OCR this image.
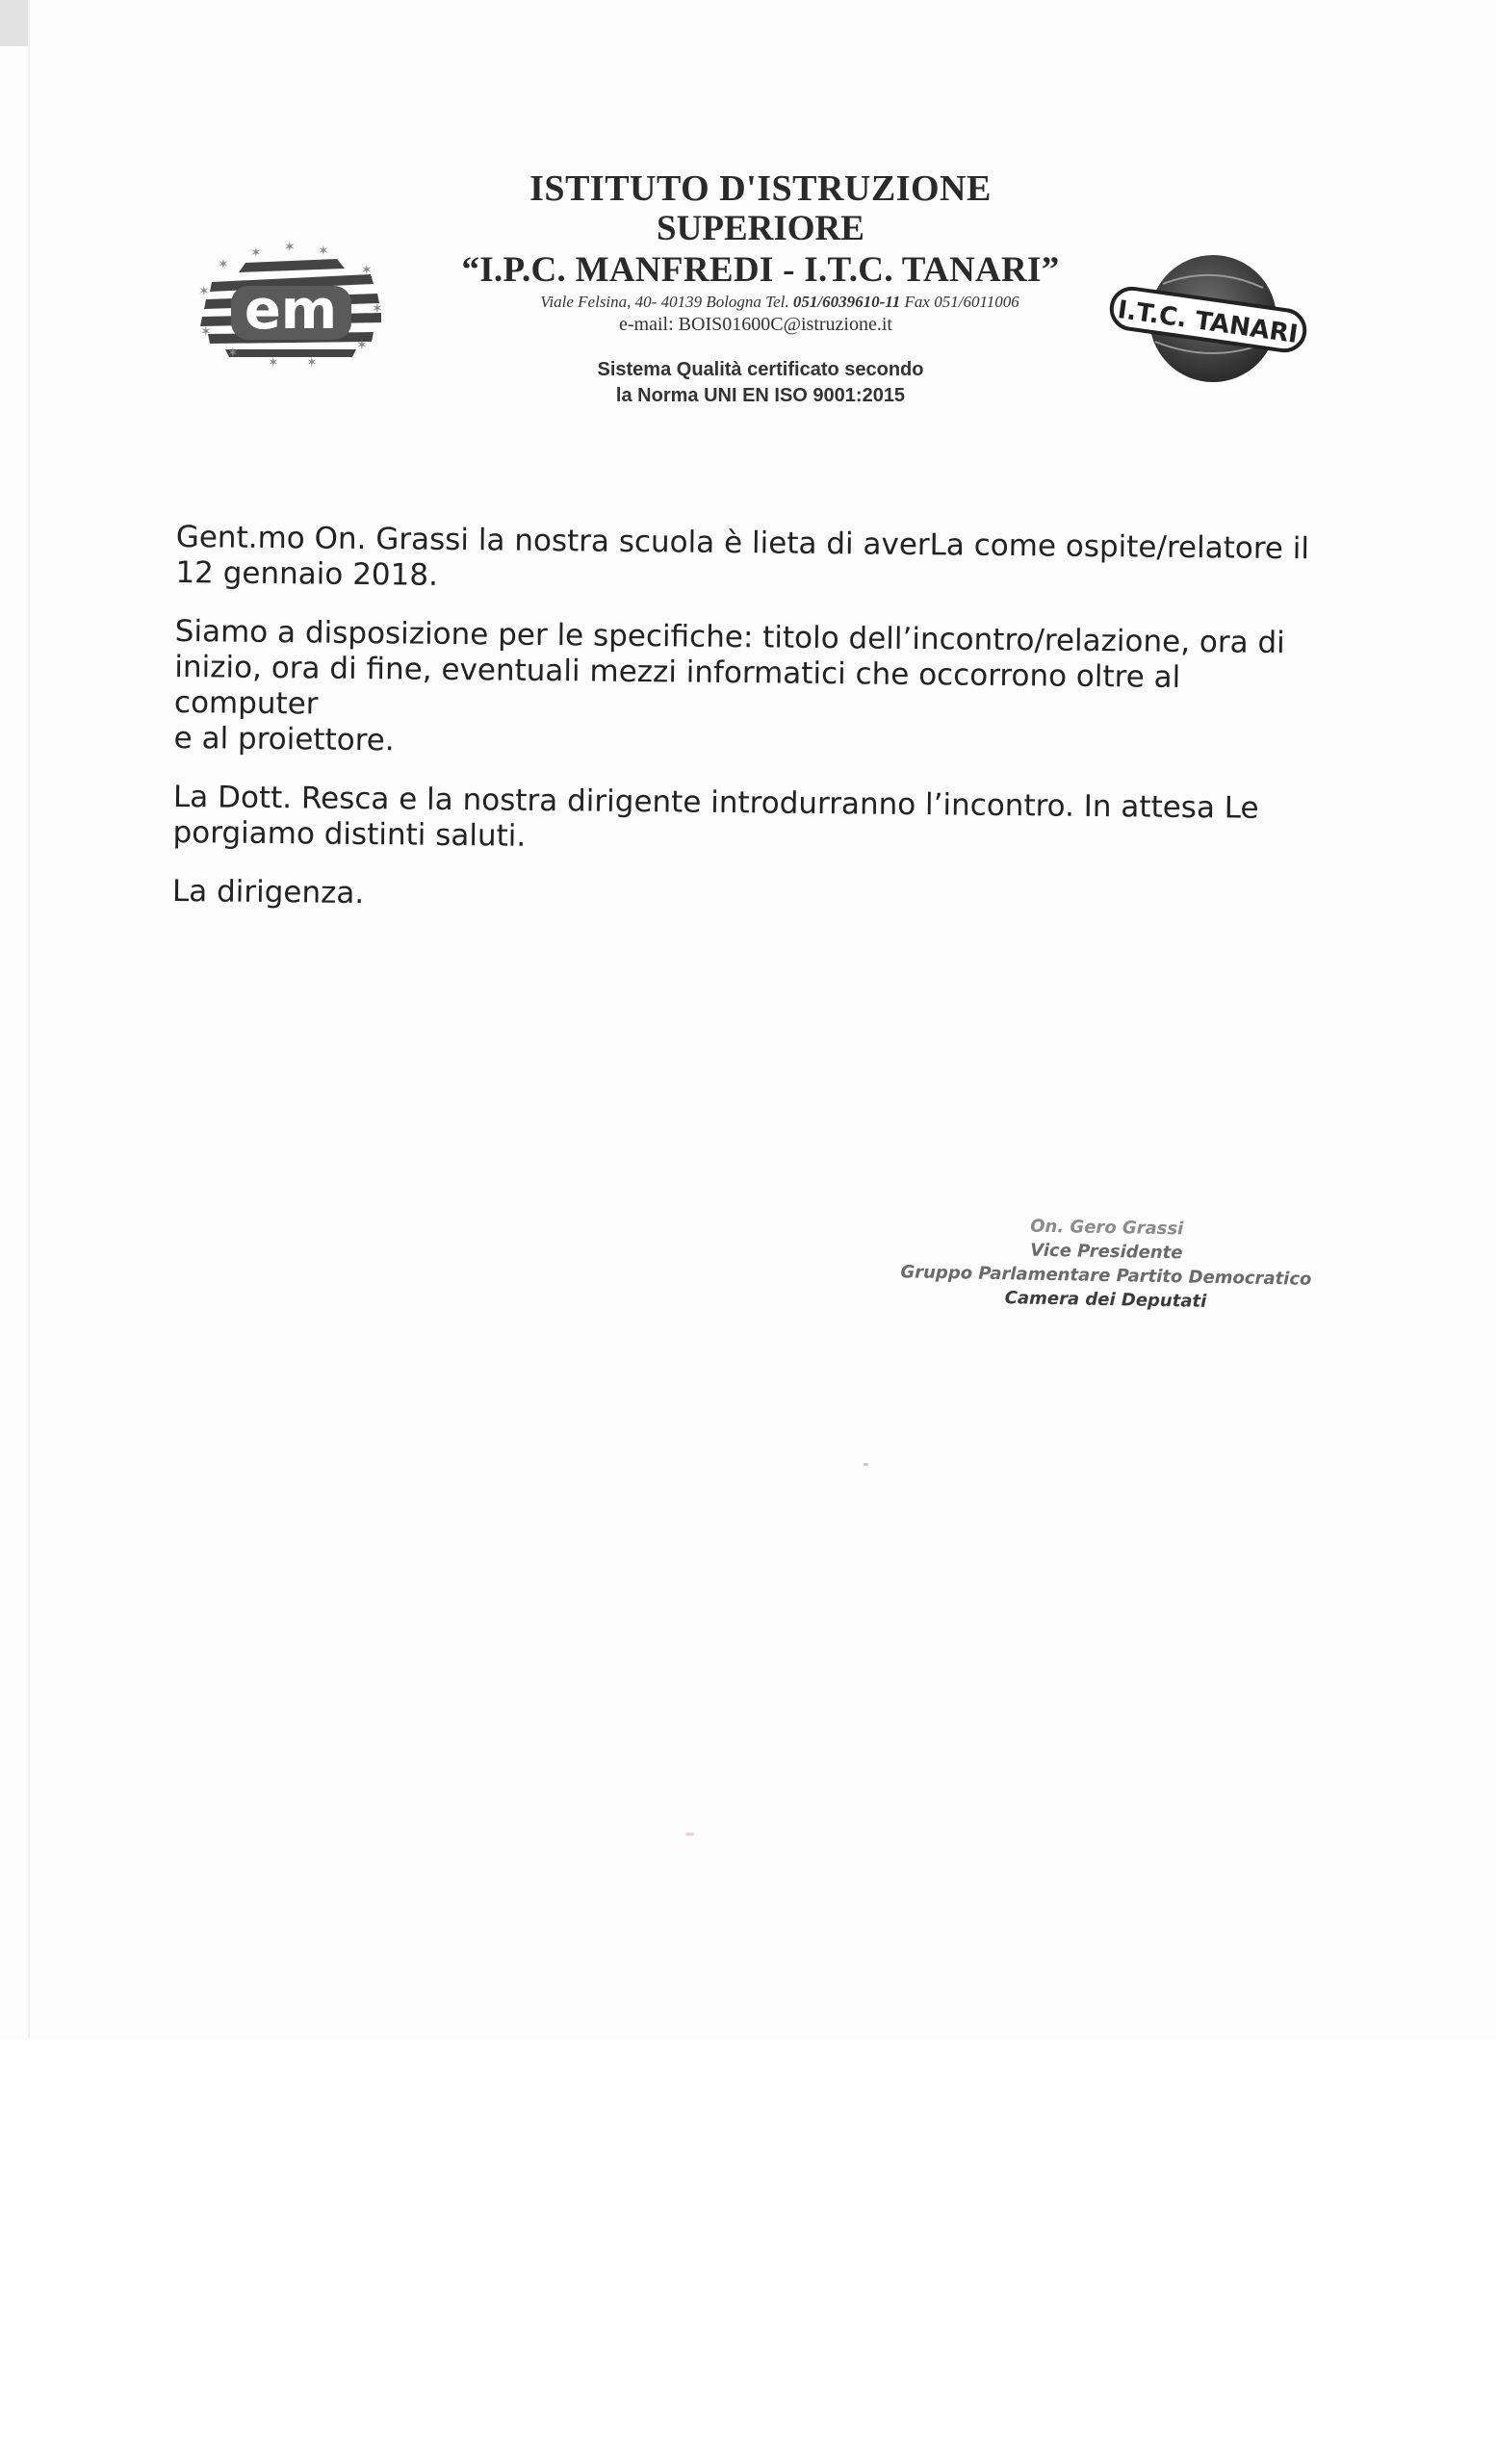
em
✶ ✶ ✶
✶
✶
✶
✶
✶
✶
✶
✶
✶
ISTITUTO D'ISTRUZIONE
SUPERIORE
“I.P.C. MANFREDI - I.T.C. TANARI”
Viale Felsina, 40- 40139 Bologna Tel. 051/6039610-11 Fax 051/6011006
e-mail: BOIS01600C@istruzione.it
Sistema Qualità certificato secondo
la Norma UNI EN ISO 9001:2015
I.T.C. TANARI
Gent.mo On. Grassi la nostra scuola è lieta di averLa come ospite/relatore il
12 gennaio 2018.
Siamo a disposizione per le specifiche: titolo dell’incontro/relazione, ora di
inizio, ora di fine, eventuali mezzi informatici che occorrono oltre al computer
e al proiettore.
La Dott. Resca e la nostra dirigente introdurranno l’incontro. In attesa Le
porgiamo distinti saluti.
La dirigenza.
On. Gero Grassi
Vice Presidente
Gruppo Parlamentare Partito Democratico
Camera dei Deputati
